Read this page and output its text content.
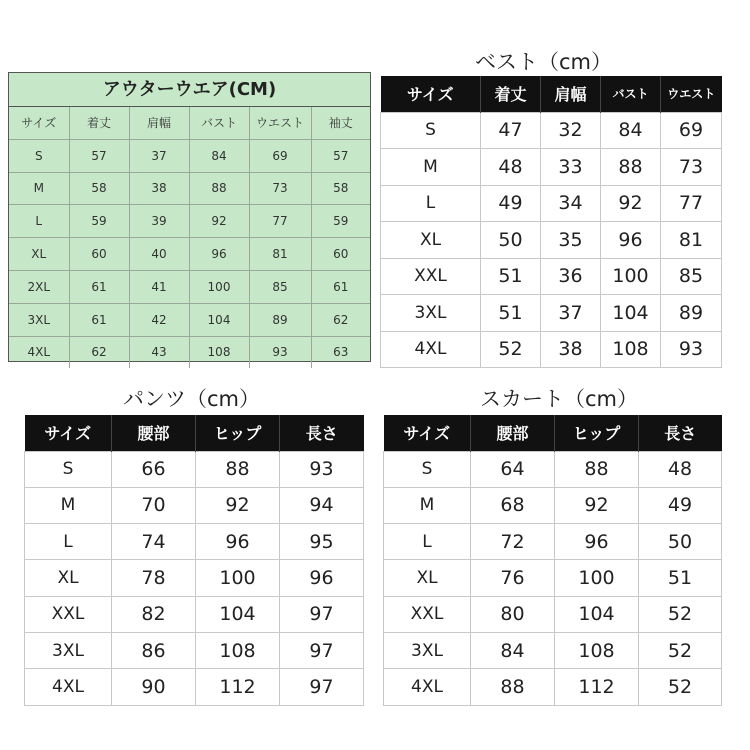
アウターウエア(CM)
サイズ	着丈	肩幅	バスト	ウエスト	袖丈
S	57	37	84	69	57
M	58	38	88	73	58
L	59	39	92	77	59
XL	60	40	96	81	60
2XL	61	41	100	85	61
3XL	61	42	104	89	62
4XL	62	43	108	93	63
ベスト（cm）
サイズ	着丈	肩幅	バスト	ウエスト
S	47	32	84	69
M	48	33	88	73
L	49	34	92	77
XL	50	35	96	81
XXL	51	36	100	85
3XL	51	37	104	89
4XL	52	38	108	93
パンツ（cm）
サイズ	腰部	ヒップ	長さ
S	66	88	93
M	70	92	94
L	74	96	95
XL	78	100	96
XXL	82	104	97
3XL	86	108	97
4XL	90	112	97
スカート（cm）
サイズ	腰部	ヒップ	長さ
S	64	88	48
M	68	92	49
L	72	96	50
XL	76	100	51
XXL	80	104	52
3XL	84	108	52
4XL	88	112	52
